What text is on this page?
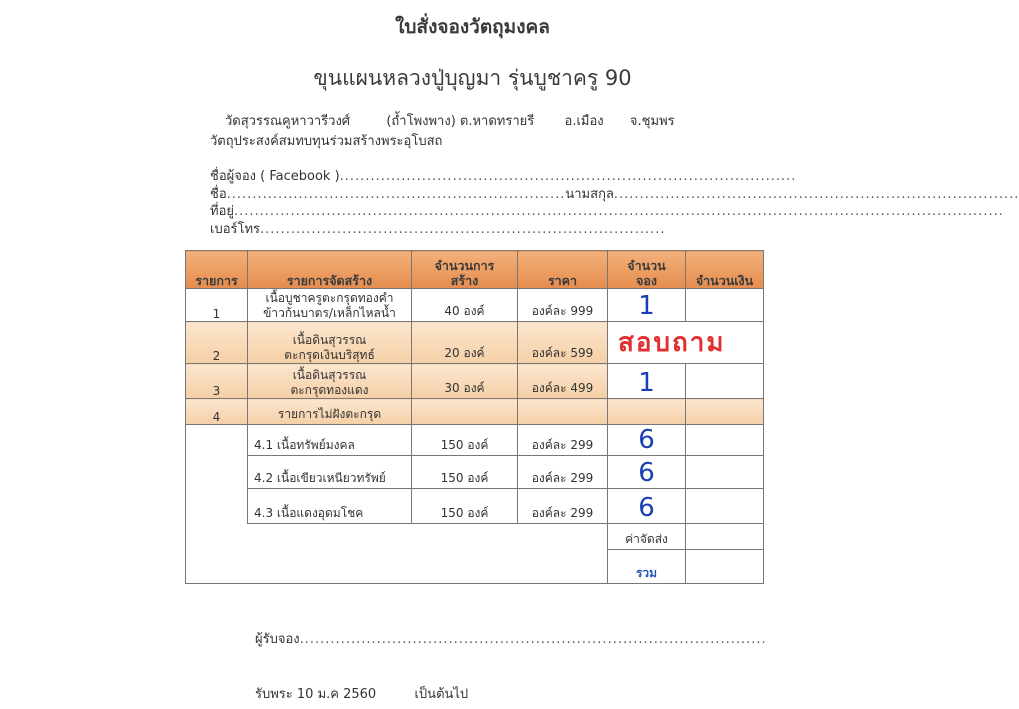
ใบสั่งจองวัตถุมงคล
ขุนแผนหลวงปู่บุญมา รุ่นบูชาครู 90
วัดสุวรรณคูหาวารีวงศ์	(ถ้ำโพงพาง) ต.หาดทรายรี อ.เมือง จ.ชุมพร
วัตถุประสงค์สมทบทุนร่วมสร้างพระอุโบสถ
ชื่อผู้จอง ( Facebook ).........................................................................................
ชื่อ..................................................................นามสกุล...............................................................................
ที่อยู่......................................................................................................................................................
เบอร์โทร...............................................................................
รายการ	รายการจัดสร้าง	จำนวนการสร้าง	ราคา	จำนวนจอง	จำนวนเงิน
1	เนื้อบูชาครูตะกรุดทองคำ
ข้าวก้นบาตร/เหล็กไหลน้ำ	40 องค์	องค์ละ 999	1	
2	เนื้อดินสุวรรณ
ตะกรุดเงินบริสุทธ์	20 องค์	องค์ละ 599	สอบถาม	
3	เนื้อดินสุวรรณ
ตะกรุดทองแดง	30 องค์	องค์ละ 499	1	
4	รายการไม่ฝังตะกรุด				
	4.1 เนื้อทรัพย์มงคล	150 องค์	องค์ละ 299	6	
	4.2 เนื้อเขียวเหนียวทรัพย์	150 องค์	องค์ละ 299	6	
	4.3 เนื้อแดงอุดมโชค	150 องค์	องค์ละ 299	6	
				ค่าจัดส่ง	
				รวม	
ผู้รับจอง...........................................................................................
รับพระ 10 ม.ค 2560	เป็นต้นไป
